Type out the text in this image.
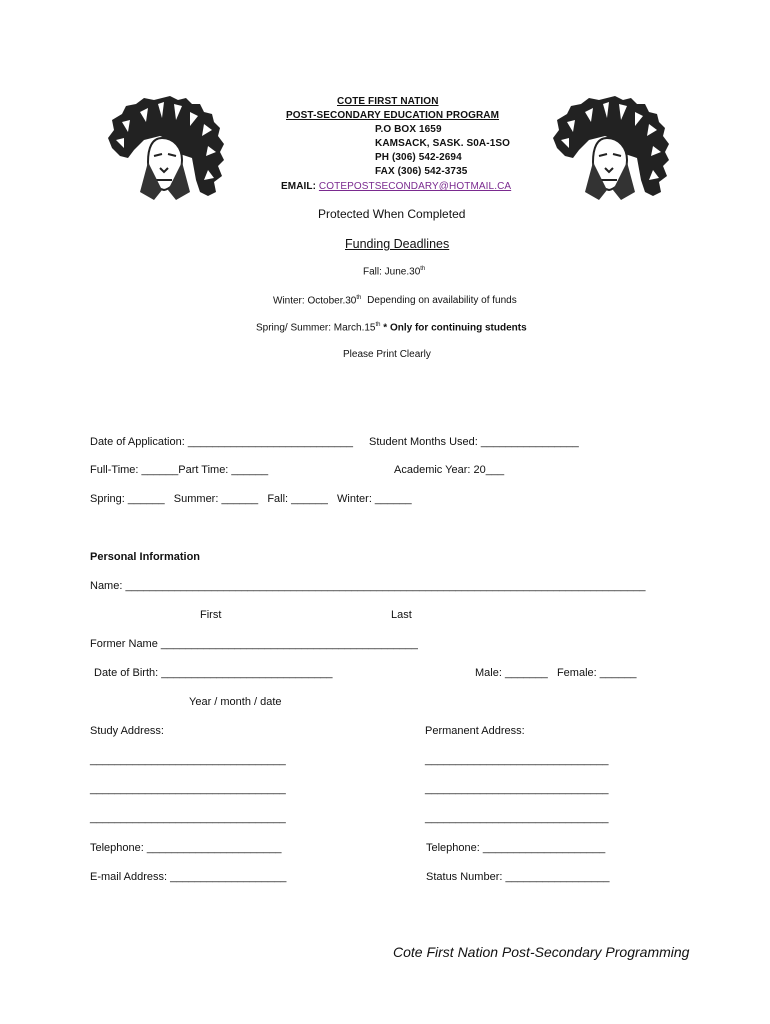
COTE FIRST NATION
POST-SECONDARY EDUCATION PROGRAM
P.O BOX 1659
KAMSACK, SASK. S0A-1SO
PH (306) 542-2694
FAX (306) 542-3735
EMAIL: COTEPOSTSECONDARY@HOTMAIL.CA
Protected When Completed
Funding Deadlines
Fall: June.30th
Winter: October.30th Depending on availability of funds
Spring/ Summer: March.15th * Only for continuing students
Please Print Clearly
Date of Application: ___________________________ Student Months Used: ________________
Full-Time: ______Part Time: ______	Academic Year: 20___
Spring: ______   Summer: ______   Fall: ______   Winter: ______
Personal Information
Name: _____________________________________________________________________________________
First	Last
Former Name __________________________________________
Date of Birth: ____________________________	Male: _______   Female: ______
Year / month / date
Study Address:	Permanent Address:
________________________________	______________________________
________________________________	______________________________
________________________________	______________________________
Telephone: ______________________	Telephone: ____________________
E-mail Address: ___________________	Status Number: _________________
Cote First Nation Post-Secondary Programming
